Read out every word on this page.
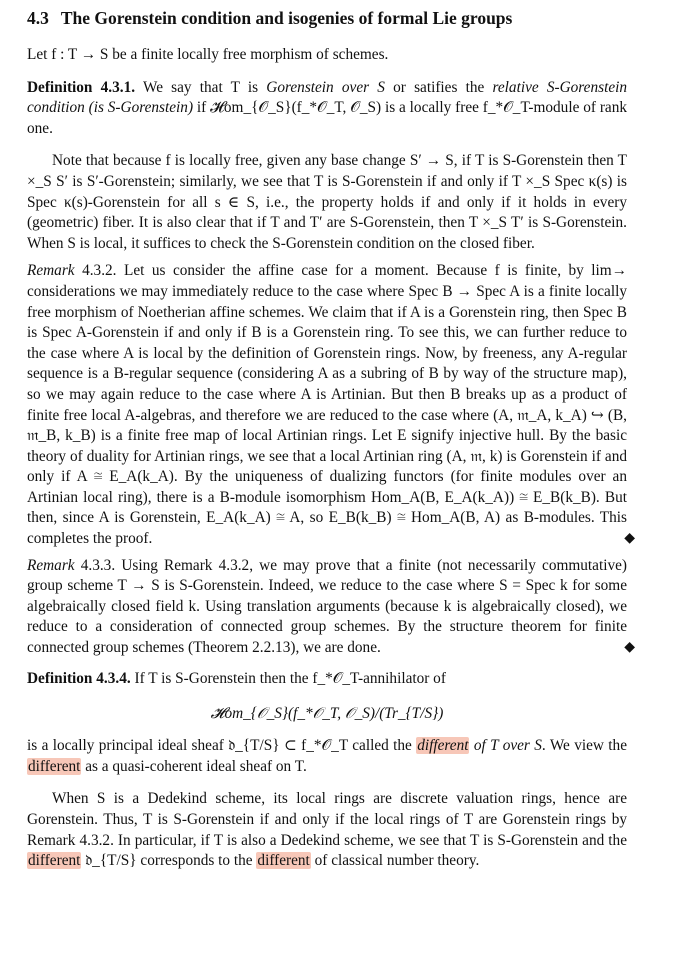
4.3 The Gorenstein condition and isogenies of formal Lie groups

Let f : T → S be a finite locally free morphism of schemes.

Definition 4.3.1. We say that T is Gorenstein over S or satifies the relative S-Gorenstein condition (is S-Gorenstein) if 𝓗om_{𝒪_S}(f_*𝒪_T, 𝒪_S) is a locally free f_*𝒪_T-module of rank one.

Note that because f is locally free, given any base change S′ → S, if T is S-Gorenstein then T ×_S S′ is S′-Gorenstein; similarly, we see that T is S-Gorenstein if and only if T ×_S Spec κ(s) is Spec κ(s)-Gorenstein for all s ∈ S, i.e., the property holds if and only if it holds in every (geometric) fiber. It is also clear that if T and T′ are S-Gorenstein, then T ×_S T′ is S-Gorenstein. When S is local, it suffices to check the S-Gorenstein condition on the closed fiber.

Remark 4.3.2. Let us consider the affine case for a moment. Because f is finite, by lim→ considerations we may immediately reduce to the case where Spec B → Spec A is a finite locally free morphism of Noetherian affine schemes. We claim that if A is a Gorenstein ring, then Spec B is Spec A-Gorenstein if and only if B is a Gorenstein ring. To see this, we can further reduce to the case where A is local by the definition of Gorenstein rings. Now, by freeness, any A-regular sequence is a B-regular sequence (considering A as a subring of B by way of the structure map), so we may again reduce to the case where A is Artinian. But then B breaks up as a product of finite free local A-algebras, and therefore we are reduced to the case where (A, 𝔪_A, k_A) ↪ (B, 𝔪_B, k_B) is a finite free map of local Artinian rings. Let E signify injective hull. By the basic theory of duality for Artinian rings, we see that a local Artinian ring (A, 𝔪, k) is Gorenstein if and only if A ≅ E_A(k_A). By the uniqueness of dualizing functors (for finite modules over an Artinian local ring), there is a B-module isomorphism Hom_A(B, E_A(k_A)) ≅ E_B(k_B). But then, since A is Gorenstein, E_A(k_A) ≅ A, so E_B(k_B) ≅ Hom_A(B, A) as B-modules. This completes the proof.	◆

Remark 4.3.3. Using Remark 4.3.2, we may prove that a finite (not necessarily commutative) group scheme T → S is S-Gorenstein. Indeed, we reduce to the case where S = Spec k for some algebraically closed field k. Using translation arguments (because k is algebraically closed), we reduce to a consideration of connected group schemes. By the structure theorem for finite connected group schemes (Theorem 2.2.13), we are done.	◆

Definition 4.3.4. If T is S-Gorenstein then the f_*𝒪_T-annihilator of

𝓗om_{𝒪_S}(f_*𝒪_T, 𝒪_S)/(Tr_{T/S})

is a locally principal ideal sheaf 𝔡_{T/S} ⊂ f_*𝒪_T called the different of T over S. We view the different as a quasi-coherent ideal sheaf on T.

When S is a Dedekind scheme, its local rings are discrete valuation rings, hence are Gorenstein. Thus, T is S-Gorenstein if and only if the local rings of T are Gorenstein rings by Remark 4.3.2. In particular, if T is also a Dedekind scheme, we see that T is S-Gorenstein and the different 𝔡_{T/S} corresponds to the different of classical number theory.
